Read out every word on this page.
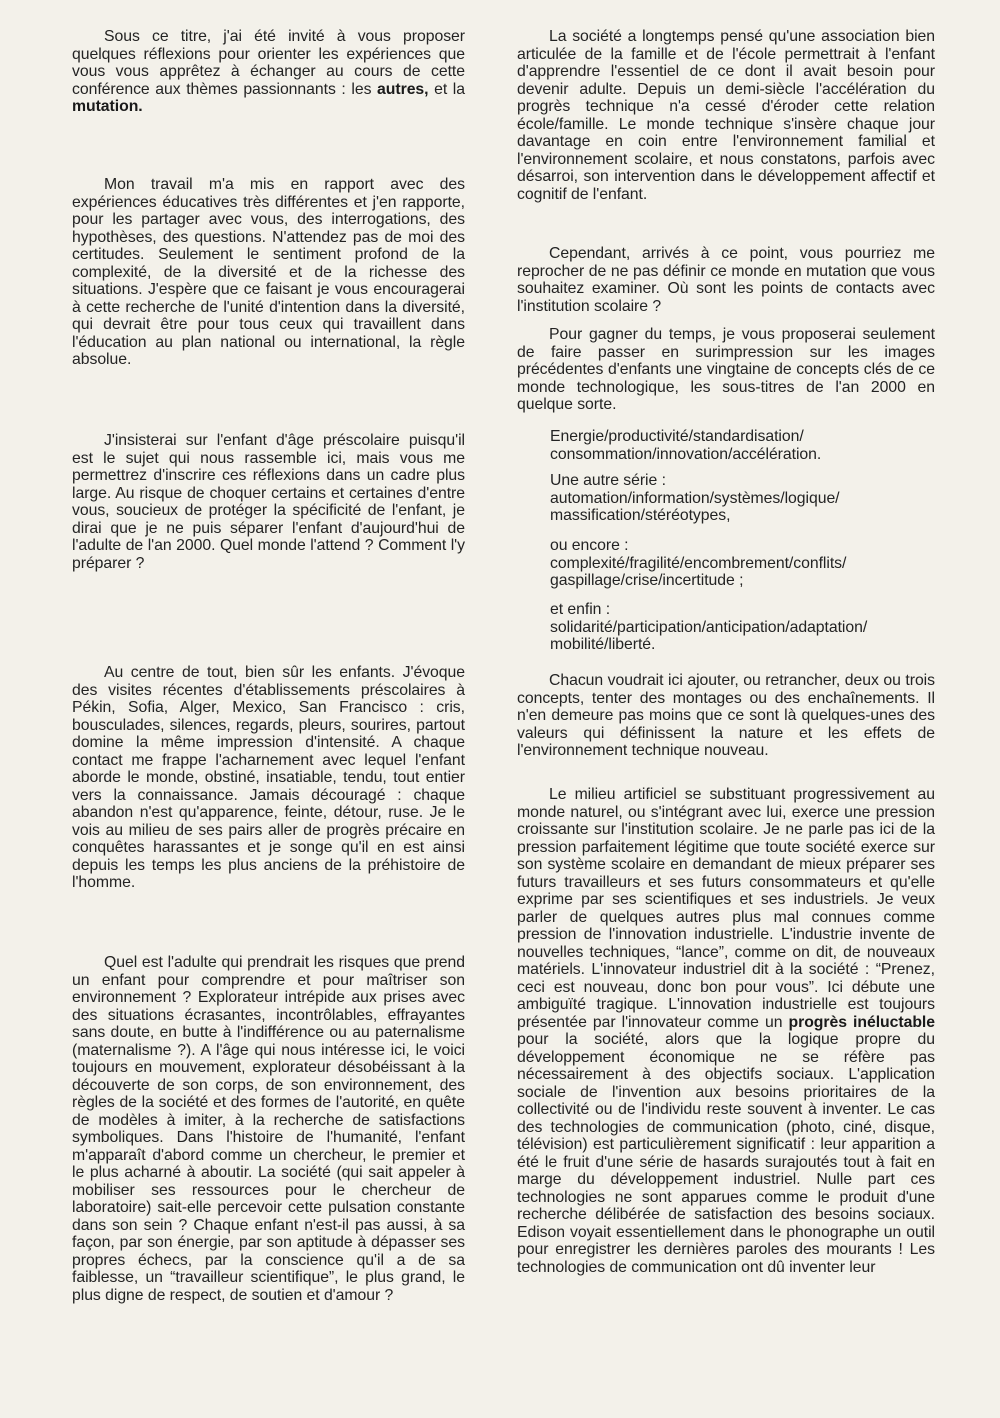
Sous ce titre, j'ai été invité à vous proposer quelques réflexions pour orienter les expériences que vous vous apprêtez à échanger au cours de cette conférence aux thèmes passionnants : les autres, et la mutation.

Mon travail m'a mis en rapport avec des expériences éducatives très différentes et j'en rapporte, pour les partager avec vous, des interrogations, des hypothèses, des questions. N'attendez pas de moi des certitudes. Seulement le sentiment profond de la complexité, de la diversité et de la richesse des situations. J'espère que ce faisant je vous encouragerai à cette recherche de l'unité d'intention dans la diversité, qui devrait être pour tous ceux qui travaillent dans l'éducation au plan national ou international, la règle absolue.

J'insisterai sur l'enfant d'âge préscolaire puisqu'il est le sujet qui nous rassemble ici, mais vous me permettrez d'inscrire ces réflexions dans un cadre plus large. Au risque de choquer certains et certaines d'entre vous, soucieux de protéger la spécificité de l'enfant, je dirai que je ne puis séparer l'enfant d'aujourd'hui de l'adulte de l'an 2000. Quel monde l'attend ? Comment l'y préparer ?

Au centre de tout, bien sûr les enfants. J'évoque des visites récentes d'établissements préscolaires à Pékin, Sofia, Alger, Mexico, San Francisco : cris, bousculades, silences, regards, pleurs, sourires, partout domine la même impression d'intensité. A chaque contact me frappe l'acharnement avec lequel l'enfant aborde le monde, obstiné, insatiable, tendu, tout entier vers la connaissance. Jamais découragé : chaque abandon n'est qu'apparence, feinte, détour, ruse. Je le vois au milieu de ses pairs aller de progrès précaire en conquêtes harassantes et je songe qu'il en est ainsi depuis les temps les plus anciens de la préhistoire de l'homme.

Quel est l'adulte qui prendrait les risques que prend un enfant pour comprendre et pour maîtriser son environnement ? Explorateur intrépide aux prises avec des situations écrasantes, incontrôlables, effrayantes sans doute, en butte à l'indifférence ou au paternalisme (maternalisme ?). A l'âge qui nous intéresse ici, le voici toujours en mouvement, explorateur désobéissant à la découverte de son corps, de son environnement, des règles de la société et des formes de l'autorité, en quête de modèles à imiter, à la recherche de satisfactions symboliques. Dans l'histoire de l'humanité, l'enfant m'apparaît d'abord comme un chercheur, le premier et le plus acharné à aboutir. La société (qui sait appeler à mobiliser ses ressources pour le chercheur de laboratoire) sait-elle percevoir cette pulsation constante dans son sein ? Chaque enfant n'est-il pas aussi, à sa façon, par son énergie, par son aptitude à dépasser ses propres échecs, par la conscience qu'il a de sa faiblesse, un “travailleur scientifique”, le plus grand, le plus digne de respect, de soutien et d'amour ?

La société a longtemps pensé qu'une association bien articulée de la famille et de l'école permettrait à l'enfant d'apprendre l'essentiel de ce dont il avait besoin pour devenir adulte. Depuis un demi-siècle l'accélération du progrès technique n'a cessé d'éroder cette relation école/famille. Le monde technique s'insère chaque jour davantage en coin entre l'environnement familial et l'environnement scolaire, et nous constatons, parfois avec désarroi, son intervention dans le développement affectif et cognitif de l'enfant.

Cependant, arrivés à ce point, vous pourriez me reprocher de ne pas définir ce monde en mutation que vous souhaitez examiner. Où sont les points de contacts avec l'institution scolaire ?

Pour gagner du temps, je vous proposerai seulement de faire passer en surimpression sur les images précédentes d'enfants une vingtaine de concepts clés de ce monde technologique, les sous-titres de l'an 2000 en quelque sorte.

Energie/productivité/standardisation/
consommation/innovation/accélération.

Une autre série :
automation/information/systèmes/logique/
massification/stéréotypes,

ou encore :
complexité/fragilité/encombrement/conflits/
gaspillage/crise/incertitude ;

et enfin :
solidarité/participation/anticipation/adaptation/
mobilité/liberté.

Chacun voudrait ici ajouter, ou retrancher, deux ou trois concepts, tenter des montages ou des enchaînements. Il n'en demeure pas moins que ce sont là quelques-unes des valeurs qui définissent la nature et les effets de l'environnement technique nouveau.

Le milieu artificiel se substituant progressivement au monde naturel, ou s'intégrant avec lui, exerce une pression croissante sur l'institution scolaire. Je ne parle pas ici de la pression parfaitement légitime que toute société exerce sur son système scolaire en demandant de mieux préparer ses futurs travailleurs et ses futurs consommateurs et qu'elle exprime par ses scientifiques et ses industriels. Je veux parler de quelques autres plus mal connues comme pression de l'innovation industrielle. L'industrie invente de nouvelles techniques, “lance”, comme on dit, de nouveaux matériels. L'innovateur industriel dit à la société : “Prenez, ceci est nouveau, donc bon pour vous”. Ici débute une ambiguïté tragique. L'innovation industrielle est toujours présentée par l'innovateur comme un progrès inéluctable pour la société, alors que la logique propre du développement économique ne se réfère pas nécessairement à des objectifs sociaux. L'application sociale de l'invention aux besoins prioritaires de la collectivité ou de l'individu reste souvent à inventer. Le cas des technologies de communication (photo, ciné, disque, télévision) est particulièrement significatif : leur apparition a été le fruit d'une série de hasards surajoutés tout à fait en marge du développement industriel. Nulle part ces technologies ne sont apparues comme le produit d'une recherche délibérée de satisfaction des besoins sociaux. Edison voyait essentiellement dans le phonographe un outil pour enregistrer les dernières paroles des mourants ! Les technologies de communication ont dû inventer leur
